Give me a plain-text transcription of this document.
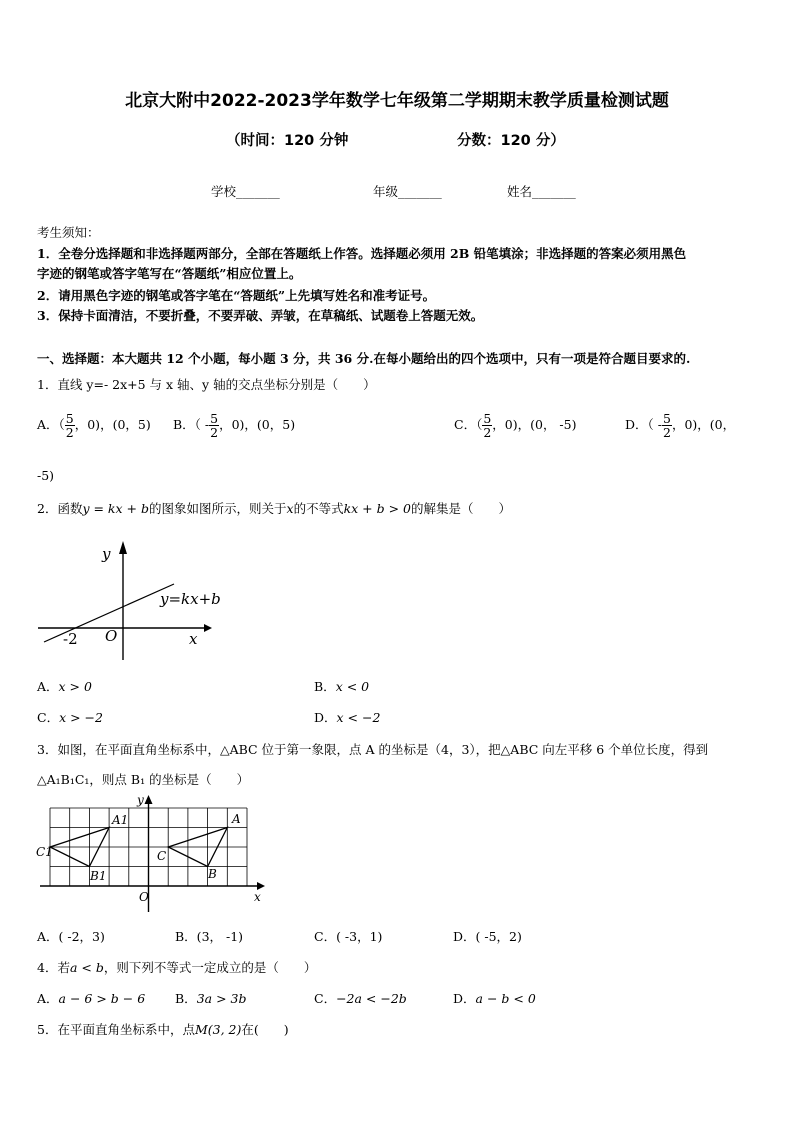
北京大附中2022-2023学年数学七年级第二学期期末教学质量检测试题
（时间：120 分钟	分数：120 分）
学校_______	年级_______	姓名_______
考生须知：
1．全卷分选择题和非选择题两部分，全部在答题纸上作答。选择题必须用 2B 铅笔填涂；非选择题的答案必须用黑色
字迹的钢笔或答字笔写在“答题纸”相应位置上。
2．请用黑色字迹的钢笔或答字笔在“答题纸”上先填写姓名和准考证号。
3．保持卡面清洁，不要折叠，不要弄破、弄皱，在草稿纸、试题卷上答题无效。
一、选择题：本大题共 12 个小题，每小题 3 分，共 36 分.在每小题给出的四个选项中，只有一项是符合题目要求的.
1．直线 y=- 2x+5 与 x 轴、y 轴的交点坐标分别是（　　）
A．（ $\frac{5}{2}$ ，0)，(0，5) B．（ - $\frac{5}{2}$ ，0)，(0，5)	C．（ $\frac{5}{2}$ ，0)，(0， -5)	D．（ - $\frac{5}{2}$ ，0)，(0，
-5)
2．函数y = kx + b的图象如图所示，则关于x的不等式kx + b > 0的解集是（　　）
y
x
O
-2
y=kx+b
A．x > 0	B．x < 0
C．x > −2	D．x < −2
3．如图，在平面直角坐标系中，△ABC 位于第一象限，点 A 的坐标是（4，3），把△ABC 向左平移 6 个单位长度，得到
△A₁B₁C₁，则点 B₁ 的坐标是（　　）
y
x
O
A
B
C
A1
B1
C1
A．( -2，3)	B．(3， -1)	C．( -3，1)	D．( -5，2)
4．若a < b，则下列不等式一定成立的是（　　）
A．a − 6 > b − 6 B．3a > 3b	C．−2a < −2b	D．a − b < 0
5．在平面直角坐标系中，点M(3, 2)在(　　)
